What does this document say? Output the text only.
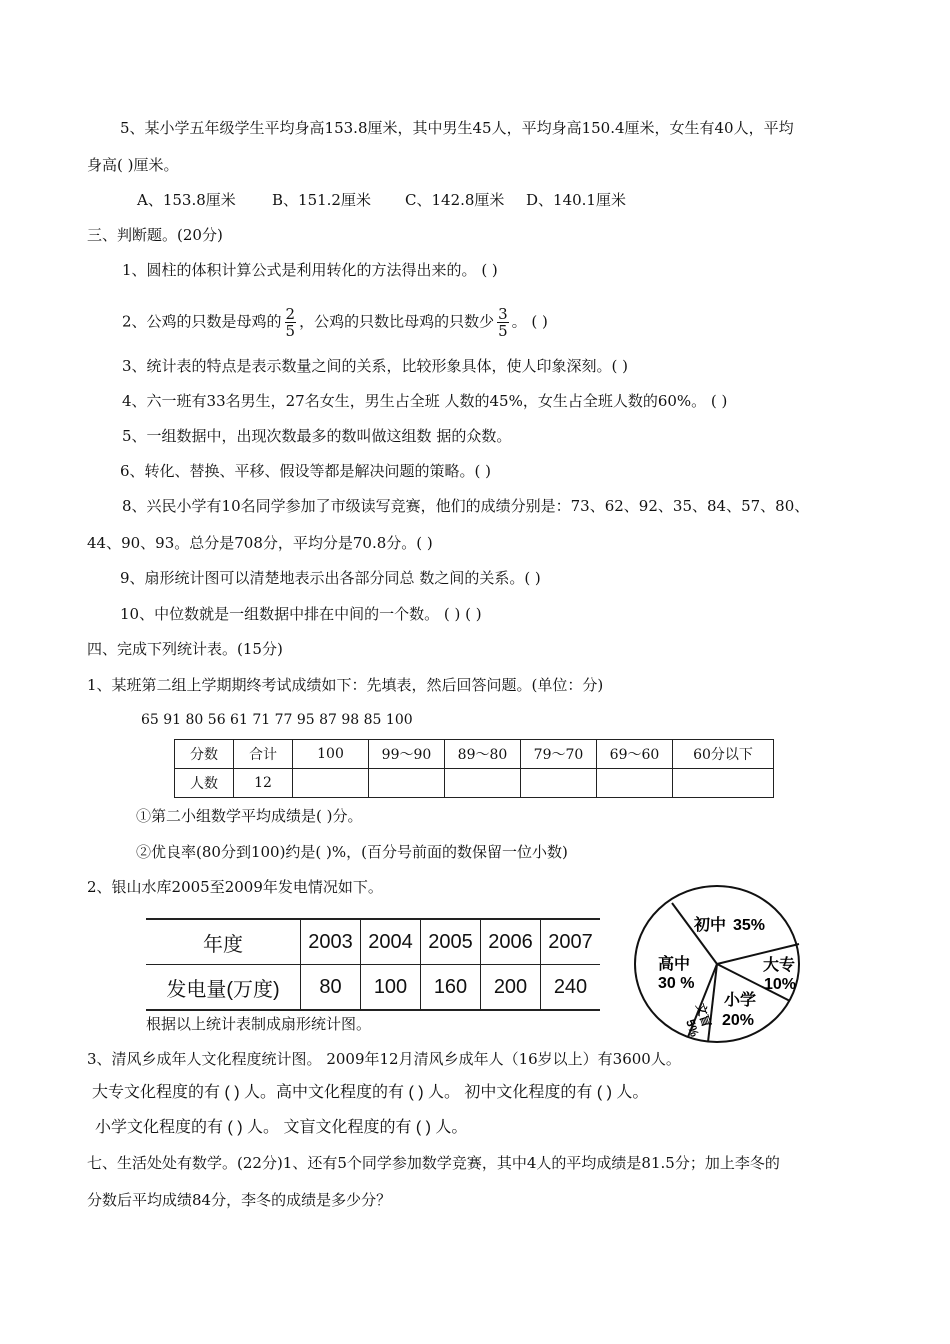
5、某小学五年级学生平均身高153.8厘米，其中男生45人，平均身高150.4厘米，女生有40人，平均
身高( )厘米。
A、153.8厘米 B、151.2厘米 C、142.8厘米 D、140.1厘米
三、判断题。(20分)
1、圆柱的体积计算公式是利用转化的方法得出来的。 ( )
2、公鸡的只数是母鸡的 $\frac{2}{5}$ ，公鸡的只数比母鸡的只数少 $\frac{3}{5}$ 。 ( )
3、统计表的特点是表示数量之间的关系，比较形象具体，使人印象深刻。( )
4、六一班有33名男生，27名女生，男生占全班 人数的45%，女生占全班人数的60%。 ( )
5、一组数据中，出现次数最多的数叫做这组数 据的众数。
6、转化、替换、平移、假设等都是解决问题的策略。( )
8、兴民小学有10名同学参加了市级读写竞赛，他们的成绩分别是：73、62、92、35、84、57、80、
44、90、93。总分是708分，平均分是70.8分。( )
9、扇形统计图可以清楚地表示出各部分同总 数之间的关系。( )
10、中位数就是一组数据中排在中间的一个数。 ( ) ( )
四、完成下列统计表。(15分)
1、某班第二组上学期期终考试成绩如下：先填表，然后回答问题。(单位：分)
65 91 80 56 61 71 77 95 87 98 85 100
分数	合计	100	99～90	89～80	79～70	69～60	60分以下
人数	12						
①第二小组数学平均成绩是( )分。
②优良率(80分到100)约是( )%，(百分号前面的数保留一位小数)
2、银山水库2005至2009年发电情况如下。
年度	2003	2004	2005	2006	2007
发电量(万度)	80	100	160	200	240
根据以上统计表制成扇形统计图。
初中 35%
高中
30 %
大专
10%
小学
20%
文盲
5%
3、清风乡成年人文化程度统计图。 2009年12月清风乡成年人（16岁以上）有3600人。
大专文化程度的有 ( ) 人。高中文化程度的有 ( ) 人。 初中文化程度的有 ( ) 人。
小学文化程度的有 ( ) 人。 文盲文化程度的有 ( ) 人。
七、生活处处有数学。(22分)1、还有5个同学参加数学竞赛，其中4人的平均成绩是81.5分；加上李冬的
分数后平均成绩84分，李冬的成绩是多少分？
